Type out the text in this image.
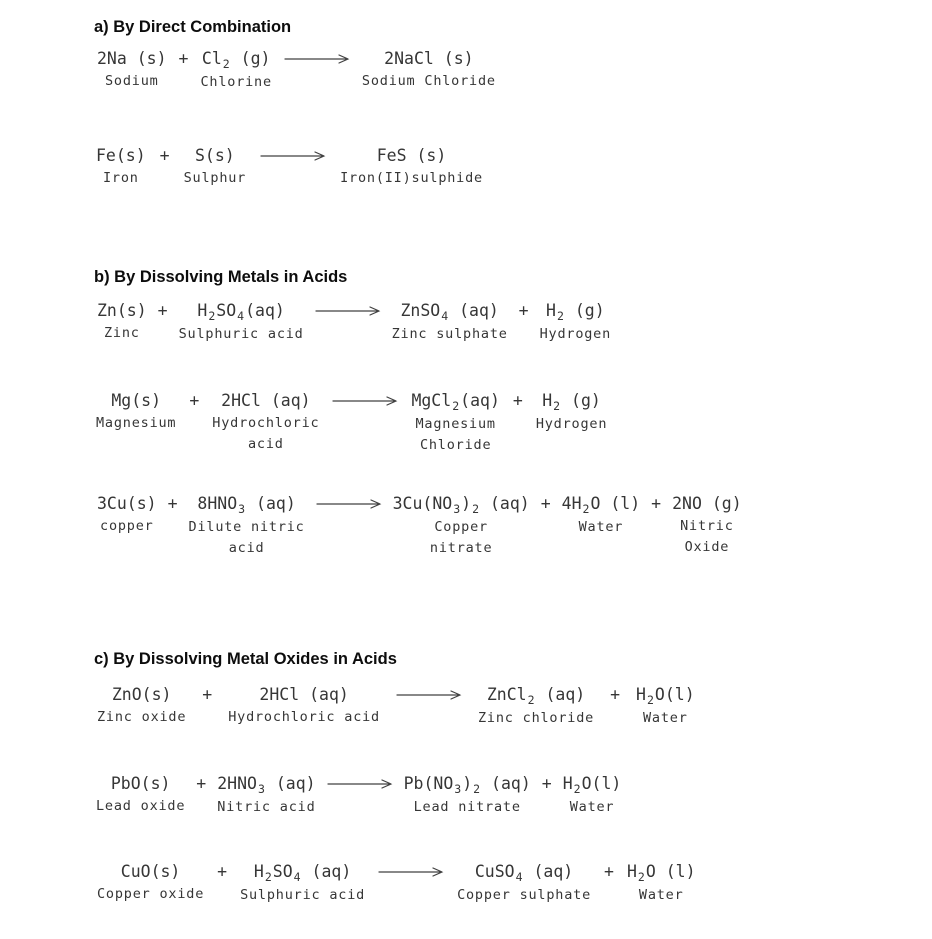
a) By Direct Combination
2Na (s)
Sodium
+ $Cl_2$ (g)
Chlorine
2NaCl (s)
Sodium Chloride
Fe(s)
Iron
+ S(s)
Sulphur
FeS (s)
Iron(II)sulphide
b) By Dissolving Metals in Acids
Zn(s)
Zinc
+ $H_2SO_4(aq)$
Sulphuric acid
ZnSO$_4$ (aq)
Zinc sulphate
+ $H_2$ (g)
Hydrogen
Mg(s)
Magnesium
+ 2HCl (aq)
Hydrochloric
acid
MgCl$_2$(aq)
Magnesium
Chloride
+ $H_2$ (g)
Hydrogen
3Cu(s)
copper
+ $8HNO_3$ (aq)
Dilute nitric
acid
$3Cu(NO_3)_2$ (aq)
Copper
nitrate
+ $4H_2O$ (l)
Water
+ 2NO (g)
Nitric
Oxide
c) By Dissolving Metal Oxides in Acids
ZnO(s)
Zinc oxide
+	2HCl (aq)
Hydrochloric acid
ZnCl$_2$ (aq)
Zinc chloride
+ $H_2O(l)$
Water
PbO(s)
Lead oxide
+ $2HNO_3$ (aq)
Nitric acid
$Pb(NO_3)_2$ (aq)
Lead nitrate
+ $H_2O(l)$
Water
CuO(s)
Copper oxide
+ $H_2SO_4$ (aq)
Sulphuric acid
CuSO$_4$ (aq)
Copper sulphate
+ $H_2O$ (l)
Water
